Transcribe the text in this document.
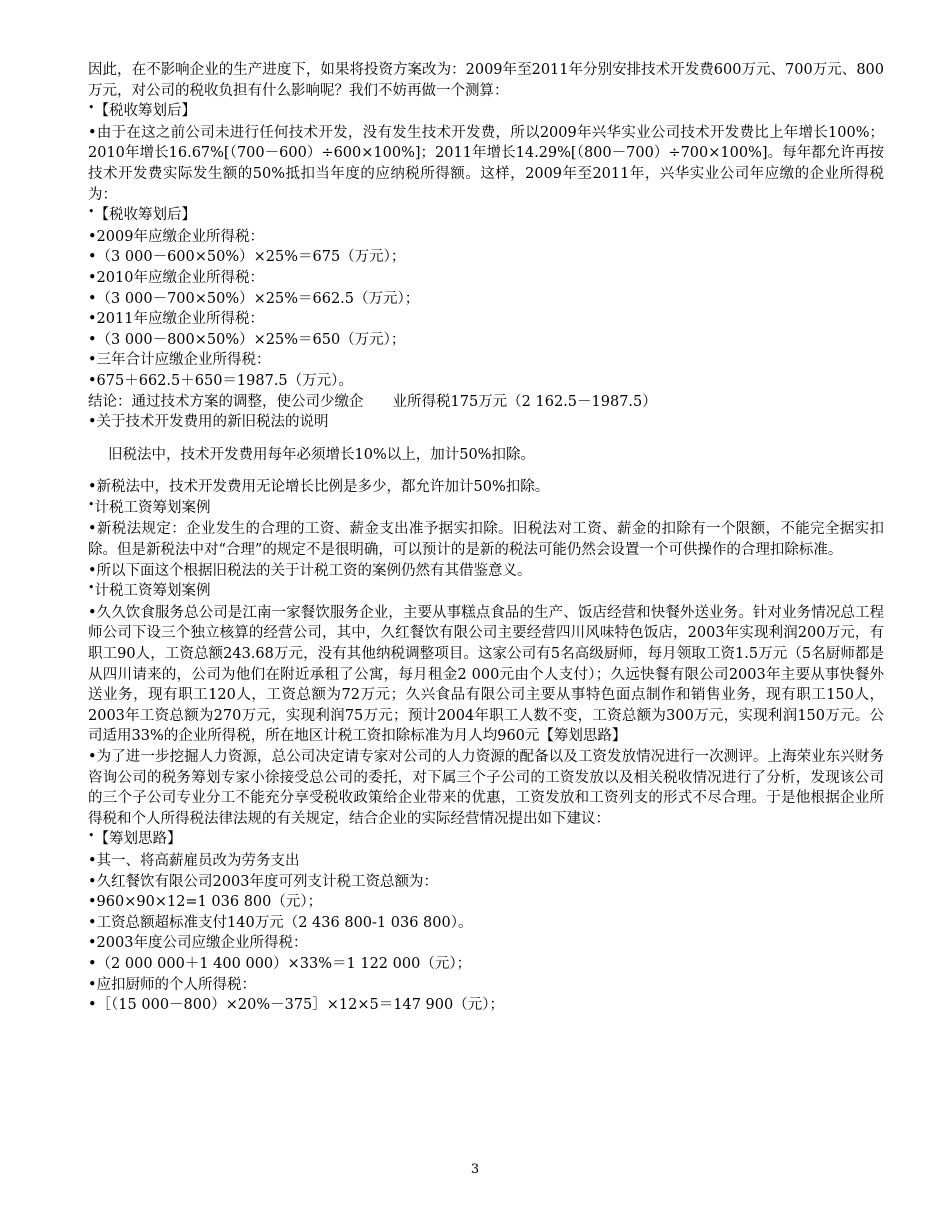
因此，在不影响企业的生产进度下，如果将投资方案改为：2009年至2011年分别安排技术开发费600万元、700万元、800万元，对公司的税收负担有什么影响呢？我们不妨再做一个测算：
•【税收筹划后】
•由于在这之前公司未进行任何技术开发，没有发生技术开发费，所以2009年兴华实业公司技术开发费比上年增长100%；2010年增长16.67%[（700－600）÷600×100%]；2011年增长14.29%[（800－700）÷700×100%]。每年都允许再按技术开发费实际发生额的50%抵扣当年度的应纳税所得额。这样，2009年至2011年，兴华实业公司年应缴的企业所得税为：
•【税收筹划后】
•2009年应缴企业所得税：
•（3 000－600×50%）×25%＝675（万元）；
•2010年应缴企业所得税：
•（3 000－700×50%）×25%＝662.5（万元）；
•2011年应缴企业所得税：
•（3 000－800×50%）×25%＝650（万元）；
•三年合计应缴企业所得税：
•675＋662.5＋650＝1987.5（万元）。
结论：通过技术方案的调整，使公司少缴企　　业所得税175万元（2 162.5－1987.5）
•关于技术开发费用的新旧税法的说明
旧税法中，技术开发费用每年必须增长10%以上，加计50%扣除。
•新税法中，技术开发费用无论增长比例是多少，都允许加计50%扣除。
•计税工资筹划案例
•新税法规定：企业发生的合理的工资、薪金支出准予据实扣除。旧税法对工资、薪金的扣除有一个限额，不能完全据实扣除。但是新税法中对“合理”的规定不是很明确，可以预计的是新的税法可能仍然会设置一个可供操作的合理扣除标准。
•所以下面这个根据旧税法的关于计税工资的案例仍然有其借鉴意义。
•计税工资筹划案例
•久久饮食服务总公司是江南一家餐饮服务企业，主要从事糕点食品的生产、饭店经营和快餐外送业务。针对业务情况总工程师公司下设三个独立核算的经营公司，其中，久红餐饮有限公司主要经营四川风味特色饭店，2003年实现利润200万元，有职工90人，工资总额243.68万元，没有其他纳税调整项目。这家公司有5名高级厨师，每月领取工资1.5万元（5名厨师都是从四川请来的，公司为他们在附近承租了公寓，每月租金2 000元由个人支付）；久远快餐有限公司2003年主要从事快餐外送业务，现有职工120人，工资总额为72万元；久兴食品有限公司主要从事特色面点制作和销售业务，现有职工150人，2003年工资总额为270万元，实现利润75万元；预计2004年职工人数不变，工资总额为300万元，实现利润150万元。公司适用33%的企业所得税，所在地区计税工资扣除标准为月人均960元【筹划思路】
•为了进一步挖掘人力资源，总公司决定请专家对公司的人力资源的配备以及工资发放情况进行一次测评。上海荣业东兴财务咨询公司的税务筹划专家小徐接受总公司的委托，对下属三个子公司的工资发放以及相关税收情况进行了分析，发现该公司的三个子公司专业分工不能充分享受税收政策给企业带来的优惠，工资发放和工资列支的形式不尽合理。于是他根据企业所得税和个人所得税法律法规的有关规定，结合企业的实际经营情况提出如下建议：
•【筹划思路】
•其一、将高薪雇员改为劳务支出
•久红餐饮有限公司2003年度可列支计税工资总额为：
•960×90×12=1 036 800（元）；
•工资总额超标准支付140万元（2 436 800-1 036 800）。
•2003年度公司应缴企业所得税：
•（2 000 000＋1 400 000）×33%＝1 122 000（元）；
•应扣厨师的个人所得税：
•［（15 000－800）×20%－375］×12×5＝147 900（元）；
3
